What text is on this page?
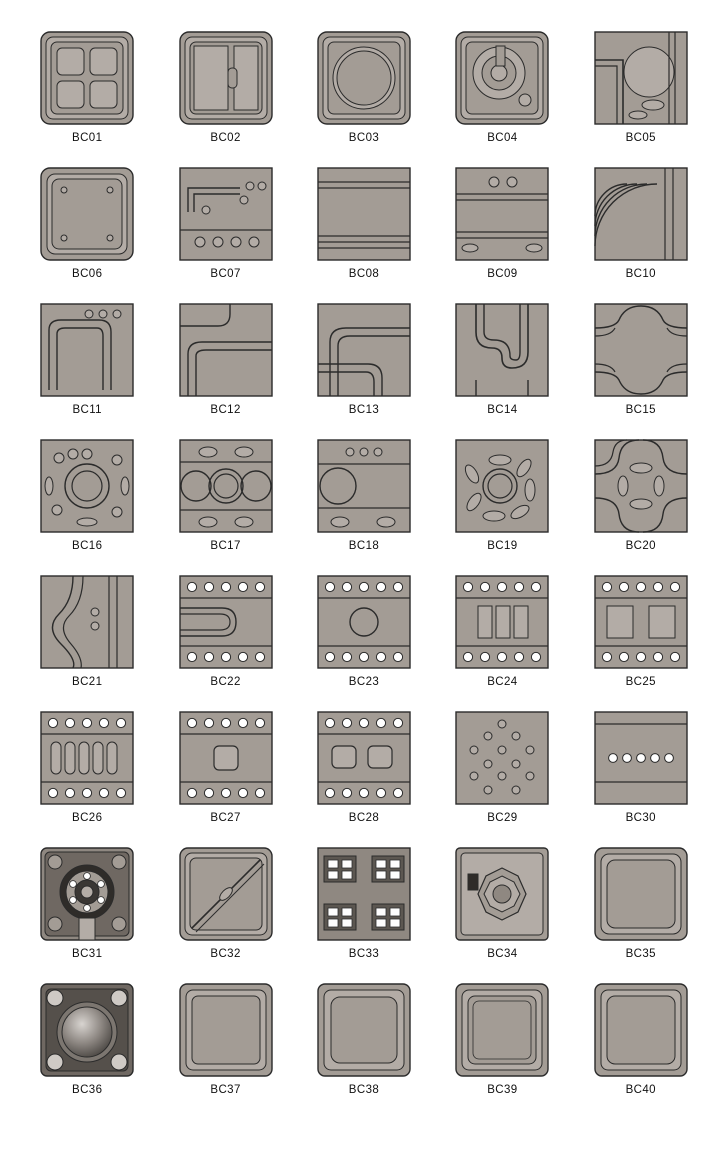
BC01	BC02	BC03	BC04	BC05
BC06	BC07	BC08	BC09	BC10
BC11	BC12	BC13	BC14	BC15
BC16	BC17	BC18	BC19	BC20
BC21	BC22	BC23	BC24	BC25
BC26	BC27	BC28	BC29	BC30
BC31	BC32	BC33	BC34	BC35
BC36	BC37	BC38	BC39	BC40
